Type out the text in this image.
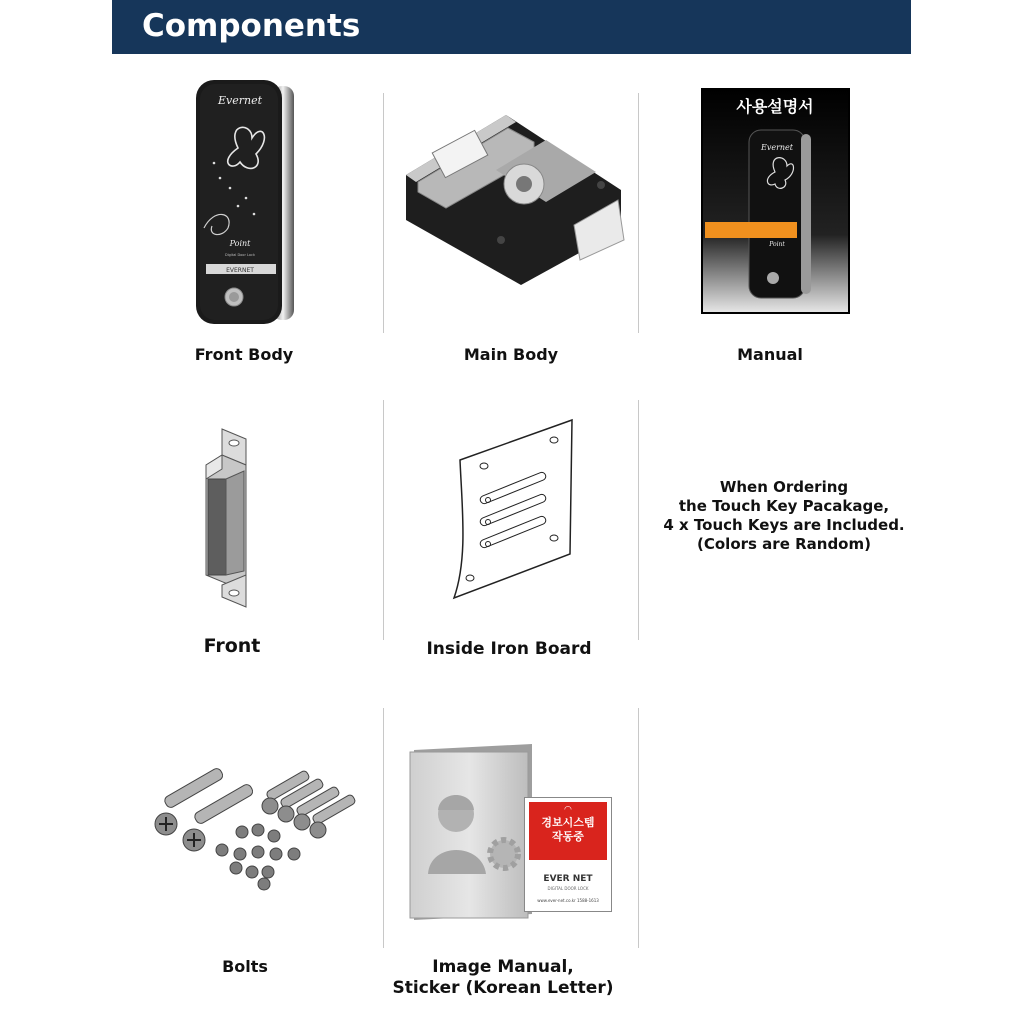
Components
Evernet
Point
Digital Door Lock
EVERNET
Front Body	Main Body
사용설명서
Evernet
Point
Manual
Front	Inside Iron Board
When Ordering
the Touch Key Pacakage,
4 x Touch Keys are Included.
(Colors are Random)
Bolts
◠
경보시스템
작동중
EVER NET
DIGITAL DOOR LOCK
www.ever-net.co.kr 1588-1613
Image Manual,
Sticker (Korean Letter)
